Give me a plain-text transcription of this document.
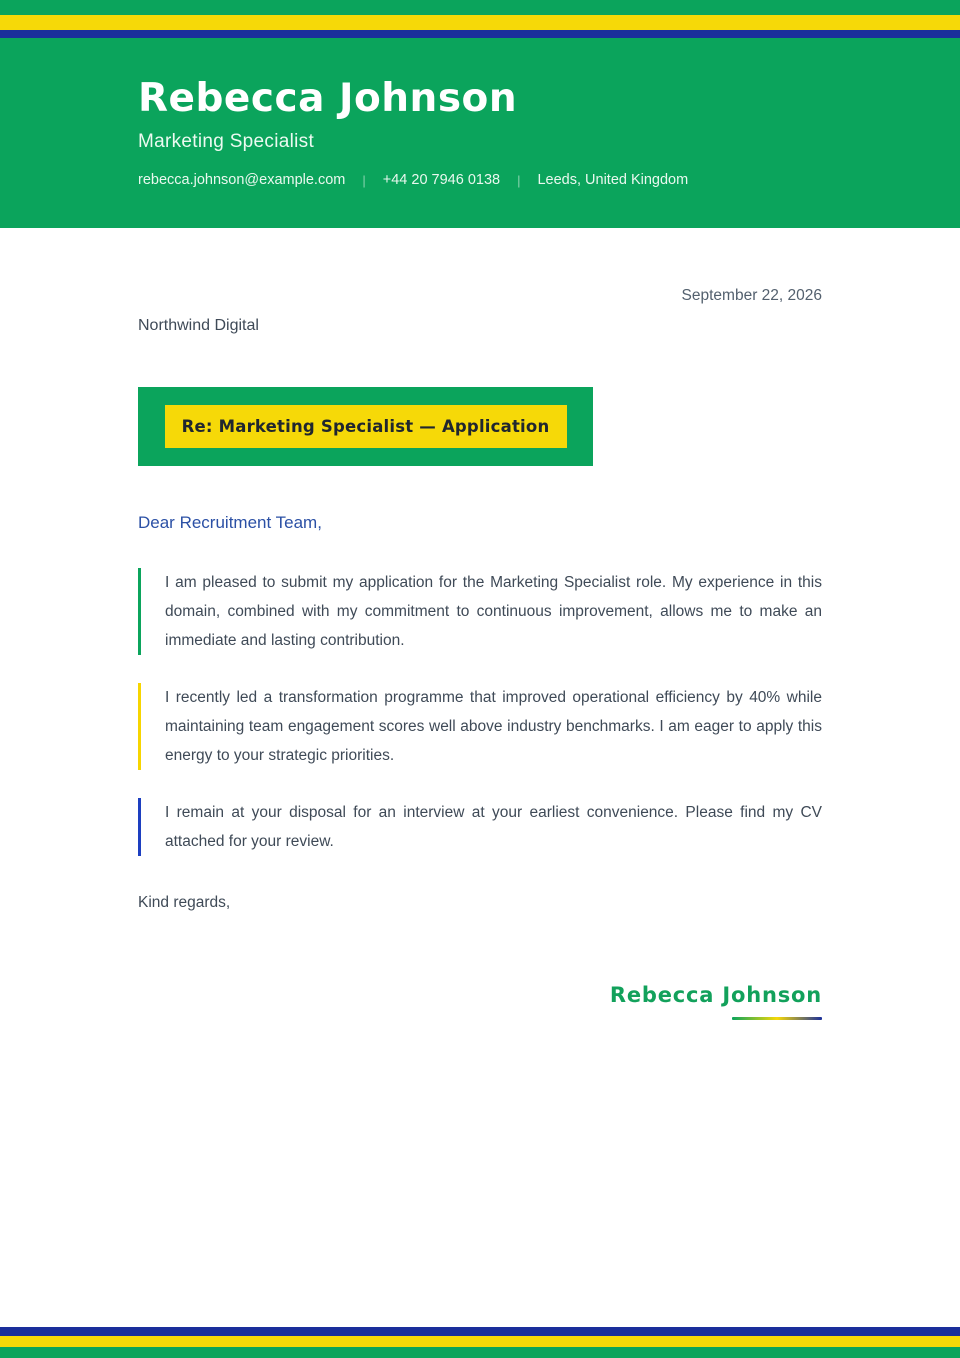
Rebecca Johnson
Marketing Specialist
rebecca.johnson@example.com | +44 20 7946 0138 | Leeds, United Kingdom
September 22, 2026
Northwind Digital
Re: Marketing Specialist — Application
Dear Recruitment Team,

I am pleased to submit my application for the Marketing Specialist role. My experience in this domain, combined with my commitment to continuous improvement, allows me to make an immediate and lasting contribution.

I recently led a transformation programme that improved operational efficiency by 40% while maintaining team engagement scores well above industry benchmarks. I am eager to apply this energy to your strategic priorities.

I remain at your disposal for an interview at your earliest convenience. Please find my CV attached for your review.

Kind regards,
Rebecca Johnson
